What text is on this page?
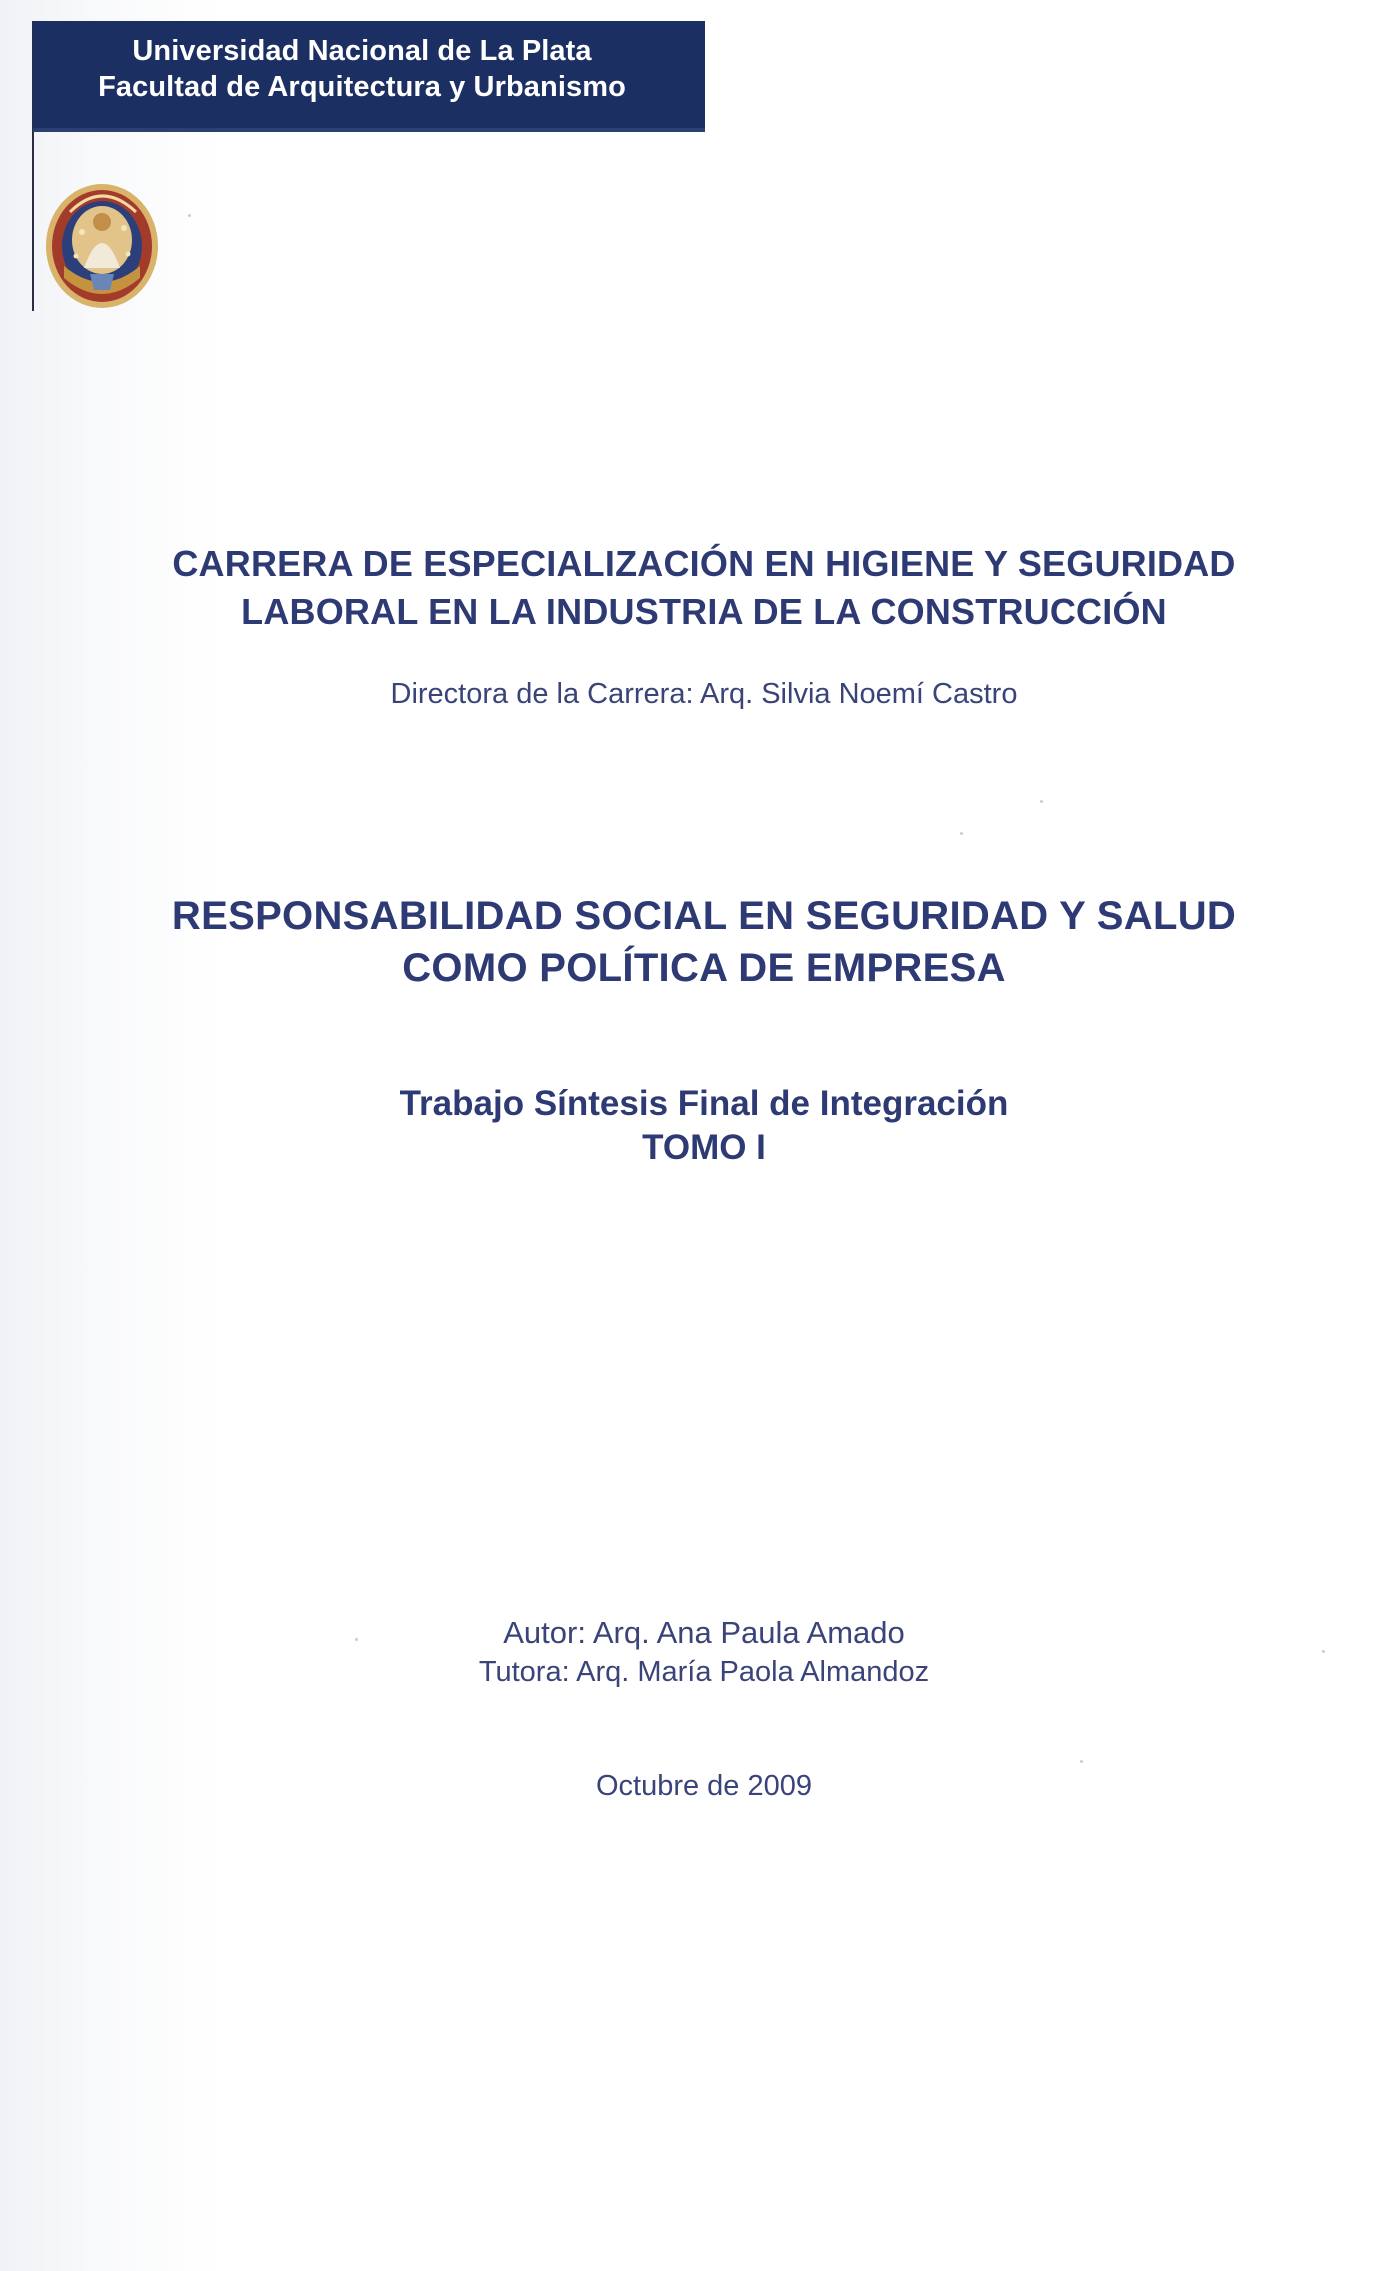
Universidad Nacional de La Plata
Facultad de Arquitectura y Urbanismo
CARRERA DE ESPECIALIZACIÓN EN HIGIENE Y SEGURIDAD
LABORAL EN LA INDUSTRIA DE LA CONSTRUCCIÓN
Directora de la Carrera: Arq. Silvia Noemí Castro
RESPONSABILIDAD SOCIAL EN SEGURIDAD Y SALUD
COMO POLÍTICA DE EMPRESA
Trabajo Síntesis Final de Integración
TOMO I
Autor: Arq. Ana Paula Amado
Tutora: Arq. María Paola Almandoz
Octubre de 2009
